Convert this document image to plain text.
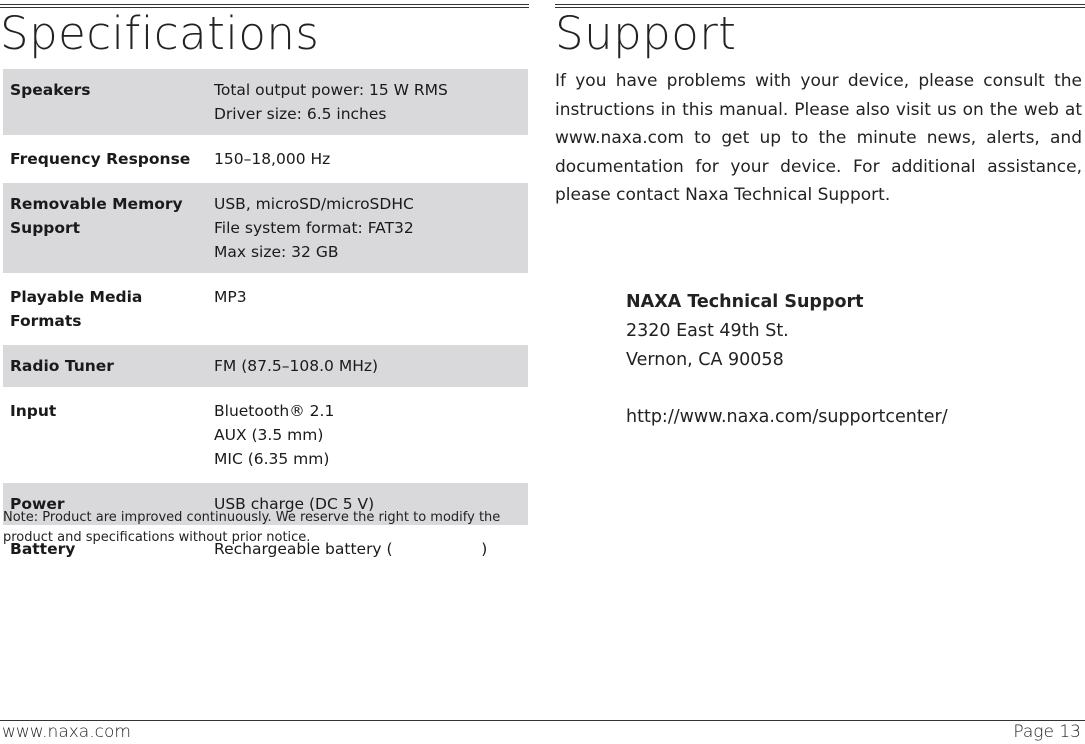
Specifications	Support
Speakers	Total output power: 15 W RMS
Driver size: 6.5 inches

Frequency Response	150–18,000 Hz

Removable Memory Support	USB, microSD/microSDHC
File system format: FAT32
Max size: 32 GB

Playable Media Formats	MP3

Radio Tuner	FM (87.5–108.0 MHz)

Input	Bluetooth® 2.1
AUX (3.5 mm)
MIC (6.35 mm)

Power	USB charge (DC 5 V)

Battery	Rechargeable battery (                  )

Note: Product are improved continuously. We reserve the right to modify the product and specifications without prior notice.

If you have problems with your device, please consult the instructions in this manual. Please also visit us on the web at www.naxa.com to get up to the minute news, alerts, and documentation for your device. For additional assistance, please contact Naxa Technical Support.

NAXA Technical Support
2320 East 49th St.
Vernon, CA 90058
http://www.naxa.com/supportcenter/
www.naxa.com	Page 13
